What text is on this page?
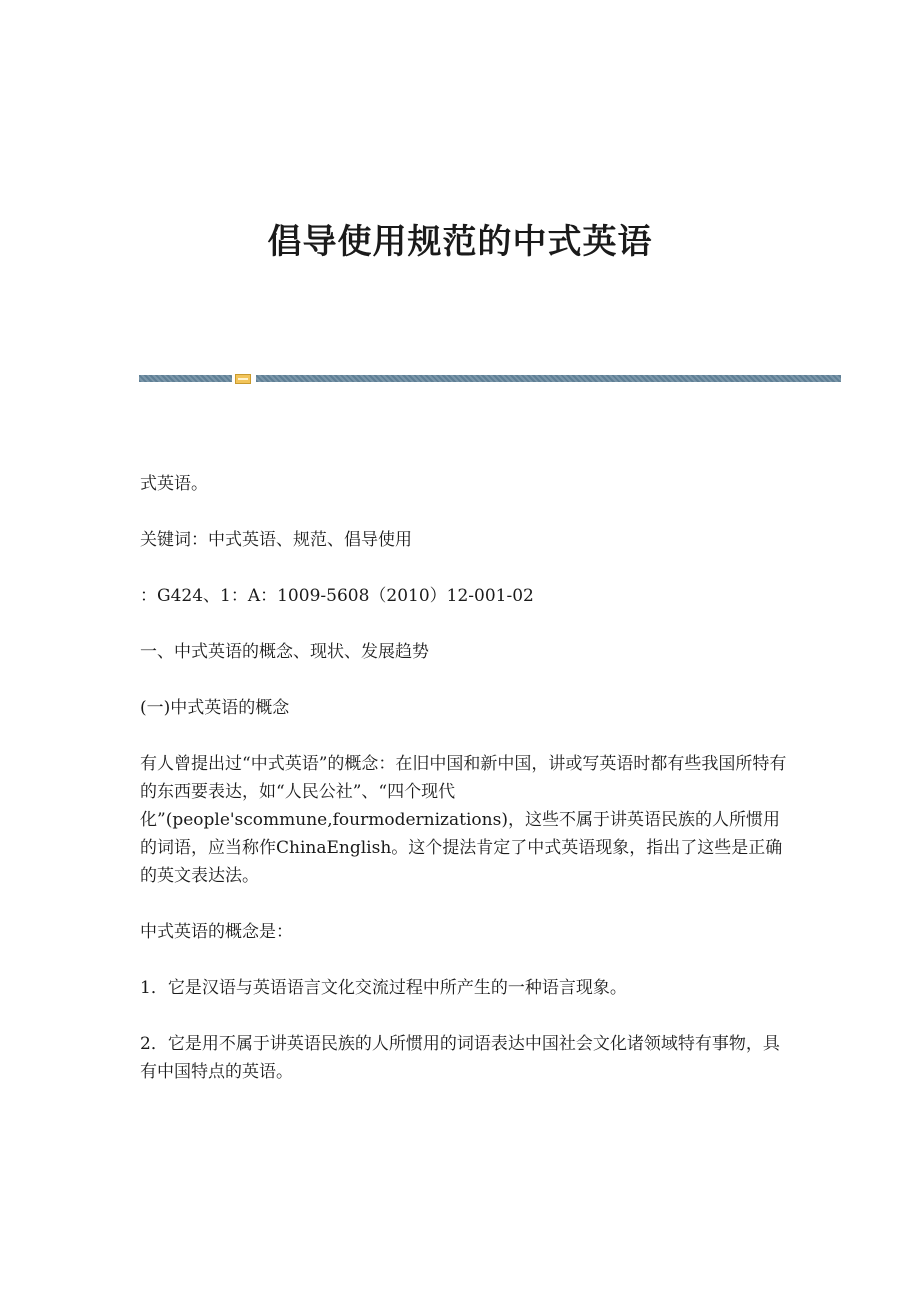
倡导使用规范的中式英语

式英语。

关键词：中式英语、规范、倡导使用

：G424、1：A：1009-5608（2010）12-001-02

一、中式英语的概念、现状、发展趋势

(一)中式英语的概念

有人曾提出过“中式英语”的概念：在旧中国和新中国，讲或写英语时都有些我国所特有的东西要表达，如“人民公社”、“四个现代化”(people'scommune,fourmodernizations)，这些不属于讲英语民族的人所惯用的词语，应当称作ChinaEnglish。这个提法肯定了中式英语现象，指出了这些是正确的英文表达法。

中式英语的概念是：

1．它是汉语与英语语言文化交流过程中所产生的一种语言现象。

2．它是用不属于讲英语民族的人所惯用的词语表达中国社会文化诸领域特有事物，具有中国特点的英语。
